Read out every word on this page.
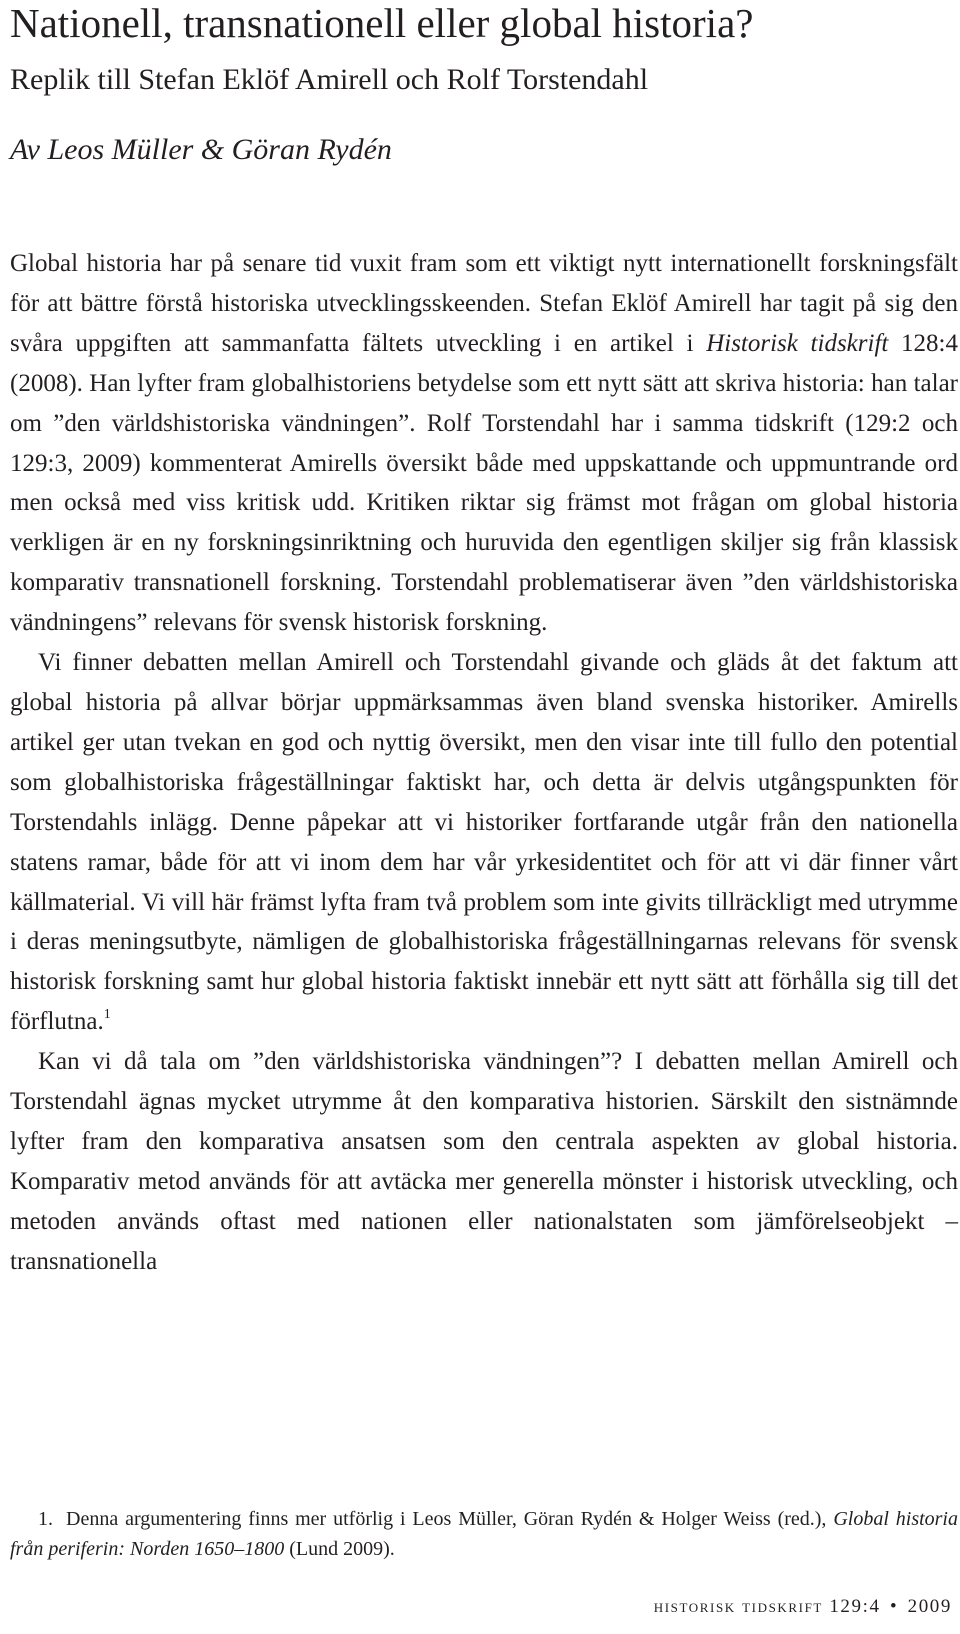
Nationell, transnationell eller global historia?
Replik till Stefan Eklöf Amirell och Rolf Torstendahl

Av Leos Müller & Göran Rydén

Global historia har på senare tid vuxit fram som ett viktigt nytt internationellt forskningsfält för att bättre förstå historiska utvecklingsskeenden. Stefan Eklöf Amirell har tagit på sig den svåra uppgiften att sammanfatta fältets utveckling i en artikel i Historisk tidskrift 128:4 (2008). Han lyfter fram globalhistoriens betydelse som ett nytt sätt att skriva historia: han talar om ”den världshistoriska vändningen”. Rolf Torstendahl har i samma tidskrift (129:2 och 129:3, 2009) kommenterat Amirells översikt både med uppskattande och uppmuntrande ord men också med viss kritisk udd. Kritiken riktar sig främst mot frågan om global historia verkligen är en ny forskningsinriktning och huruvida den egentligen skiljer sig från klassisk komparativ transnationell forskning. Torstendahl problematiserar även ”den världshistoriska vändningens” relevans för svensk historisk forskning.

Vi finner debatten mellan Amirell och Torstendahl givande och gläds åt det faktum att global historia på allvar börjar uppmärksammas även bland svenska historiker. Amirells artikel ger utan tvekan en god och nyttig översikt, men den visar inte till fullo den potential som globalhistoriska frågeställningar faktiskt har, och detta är delvis utgångspunkten för Torstendahls inlägg. Denne påpekar att vi historiker fortfarande utgår från den nationella statens ramar, både för att vi inom dem har vår yrkesidentitet och för att vi där finner vårt källmaterial. Vi vill här främst lyfta fram två problem som inte givits tillräckligt med utrymme i deras meningsutbyte, nämligen de globalhistoriska frågeställningarnas relevans för svensk historisk forskning samt hur global historia faktiskt innebär ett nytt sätt att förhålla sig till det förflutna.$^1$

Kan vi då tala om ”den världshistoriska vändningen”? I debatten mellan Amirell och Torstendahl ägnas mycket utrymme åt den komparativa historien. Särskilt den sistnämnde lyfter fram den komparativa ansatsen som den centrala aspekten av global historia. Komparativ metod används för att avtäcka mer generella mönster i historisk utveckling, och metoden används oftast med nationen eller nationalstaten som jämförelseobjekt – transnationella

1. Denna argumentering finns mer utförlig i Leos Müller, Göran Rydén & Holger Weiss (red.), Global historia från periferin: Norden 1650–1800 (Lund 2009).
historisk tidskrift 129:4 • 2009
